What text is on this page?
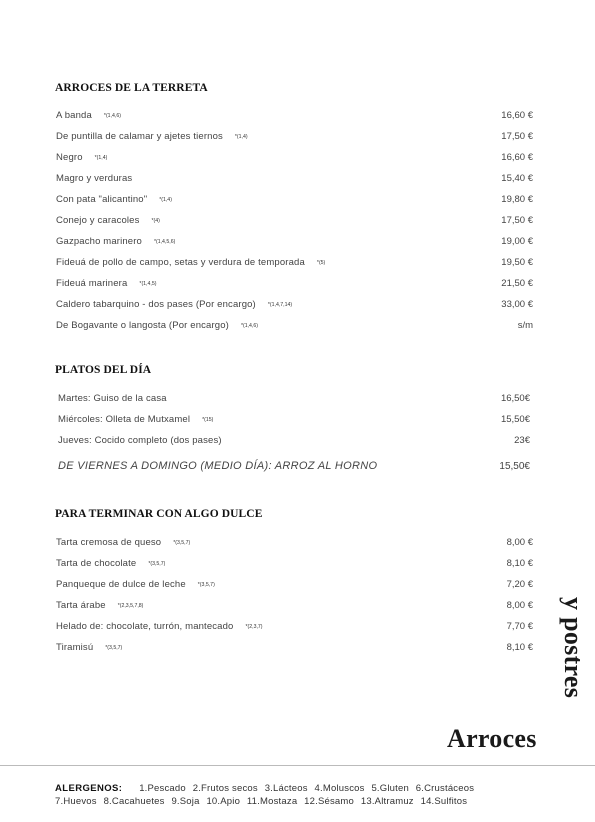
ARROCES DE LA TERRETA
A banda *(1,4,6)	16,60 €
De puntilla de calamar y ajetes tiernos *(1,4)	17,50 €
Negro *(1,4)	16,60 €
Magro y verduras	15,40 €
Con pata "alicantino" *(1,4)	19,80 €
Conejo y caracoles *(4)	17,50 €
Gazpacho marinero *(1,4,5,6)	19,00 €
Fideuá de pollo de campo, setas y verdura de temporada *(5)	19,50 €
Fideuá marinera *(1,4,5)	21,50 €
Caldero tabarquino - dos pases (Por encargo) *(1,4,7,14)	33,00 €
De Bogavante o langosta (Por encargo) *(1,4,6)	s/m
PLATOS DEL DÍA
Martes: Guiso de la casa	16,50€
Miércoles: Olleta de Mutxamel *(15)	15,50€
Jueves: Cocido completo (dos pases)	23€
DE VIERNES A DOMINGO (MEDIO DÍA): ARROZ AL HORNO	15,50€
PARA TERMINAR CON ALGO DULCE
Tarta cremosa de queso *(3,5,7)	8,00 €
Tarta de chocolate *(3,5,7)	8,10 €
Panqueque de dulce de leche *(3,5,7)	7,20 €
Tarta árabe *(2,3,5,7,8)	8,00 €
Helado de: chocolate, turrón, mantecado *(2,3,7)	7,70 €
Tiramisú *(3,5,7)	8,10 €
Arroces
y postres
ALERGENOS: 1.Pescado 2.Frutos secos 3.Lácteos 4.Moluscos 5.Gluten 6.Crustáceos
7.Huevos 8.Cacahuetes 9.Soja 10.Apio 11.Mostaza 12.Sésamo 13.Altramuz 14.Sulfitos
